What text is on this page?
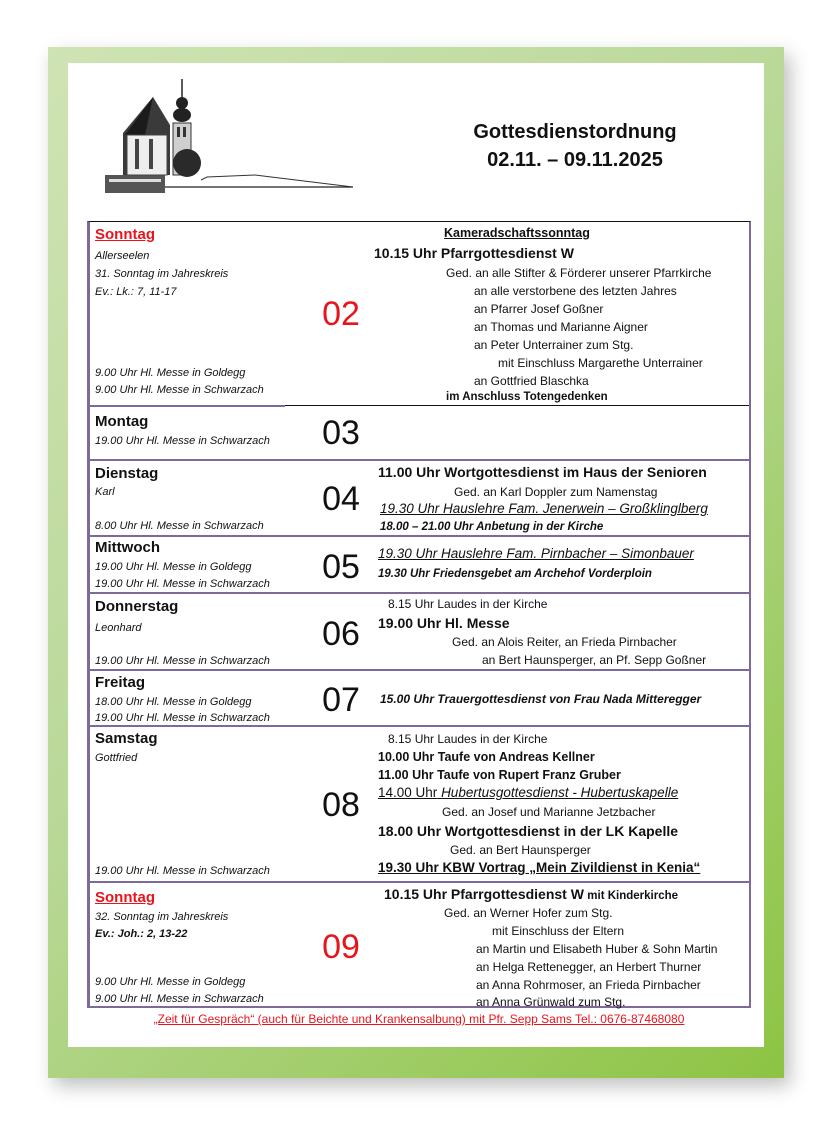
Gottesdienstordnung
02.11. – 09.11.2025
Sonntag
Allerseelen
31. Sonntag im Jahreskreis
Ev.: Lk.: 7, 11-17
9.00 Uhr Hl. Messe in Goldegg
9.00 Uhr Hl. Messe in Schwarzach
02
Kameradschaftssonntag
10.15 Uhr Pfarrgottesdienst W
Ged. an alle Stifter & Förderer unserer Pfarrkirche
an alle verstorbene des letzten Jahres
an Pfarrer Josef Goßner
an Thomas und Marianne Aigner
an Peter Unterrainer zum Stg.
mit Einschluss Margarethe Unterrainer
an Gottfried Blaschka
im Anschluss Totengedenken
Montag
19.00 Uhr Hl. Messe in Schwarzach 03
Dienstag
Karl
8.00 Uhr Hl. Messe in Schwarzach
04
11.00 Uhr Wortgottesdienst im Haus der Senioren
Ged. an Karl Doppler zum Namenstag
19.30 Uhr Hauslehre Fam. Jenerwein – Großklinglberg
18.00 – 21.00 Uhr Anbetung in der Kirche
Mittwoch
19.00 Uhr Hl. Messe in Goldegg
19.00 Uhr Hl. Messe in Schwarzach 05	19.30 Uhr Hauslehre Fam. Pirnbacher – Simonbauer
19.30 Uhr Friedensgebet am Archehof Vorderploin
Donnerstag
Leonhard
19.00 Uhr Hl. Messe in Schwarzach
06
8.15 Uhr Laudes in der Kirche
19.00 Uhr Hl. Messe
Ged. an Alois Reiter, an Frieda Pirnbacher
an Bert Haunsperger, an Pf. Sepp Goßner
Freitag
18.00 Uhr Hl. Messe in Goldegg
19.00 Uhr Hl. Messe in Schwarzach 07	15.00 Uhr Trauergottesdienst von Frau Nada Mitteregger
Samstag
Gottfried
19.00 Uhr Hl. Messe in Schwarzach
08
8.15 Uhr Laudes in der Kirche
10.00 Uhr Taufe von Andreas Kellner
11.00 Uhr Taufe von Rupert Franz Gruber
14.00 Uhr Hubertusgottesdienst - Hubertuskapelle
Ged. an Josef und Marianne Jetzbacher
18.00 Uhr Wortgottesdienst in der LK Kapelle
Ged. an Bert Haunsperger
19.30 Uhr KBW Vortrag „Mein Zivildienst in Kenia“
Sonntag
32. Sonntag im Jahreskreis
Ev.: Joh.: 2, 13-22
9.00 Uhr Hl. Messe in Goldegg
9.00 Uhr Hl. Messe in Schwarzach
09
10.15 Uhr Pfarrgottesdienst W mit Kinderkirche
Ged. an Werner Hofer zum Stg.
mit Einschluss der Eltern
an Martin und Elisabeth Huber & Sohn Martin
an Helga Rettenegger, an Herbert Thurner
an Anna Rohrmoser, an Frieda Pirnbacher
an Anna Grünwald zum Stg.
„Zeit für Gespräch“ (auch für Beichte und Krankensalbung) mit Pfr. Sepp Sams Tel.: 0676-87468080
